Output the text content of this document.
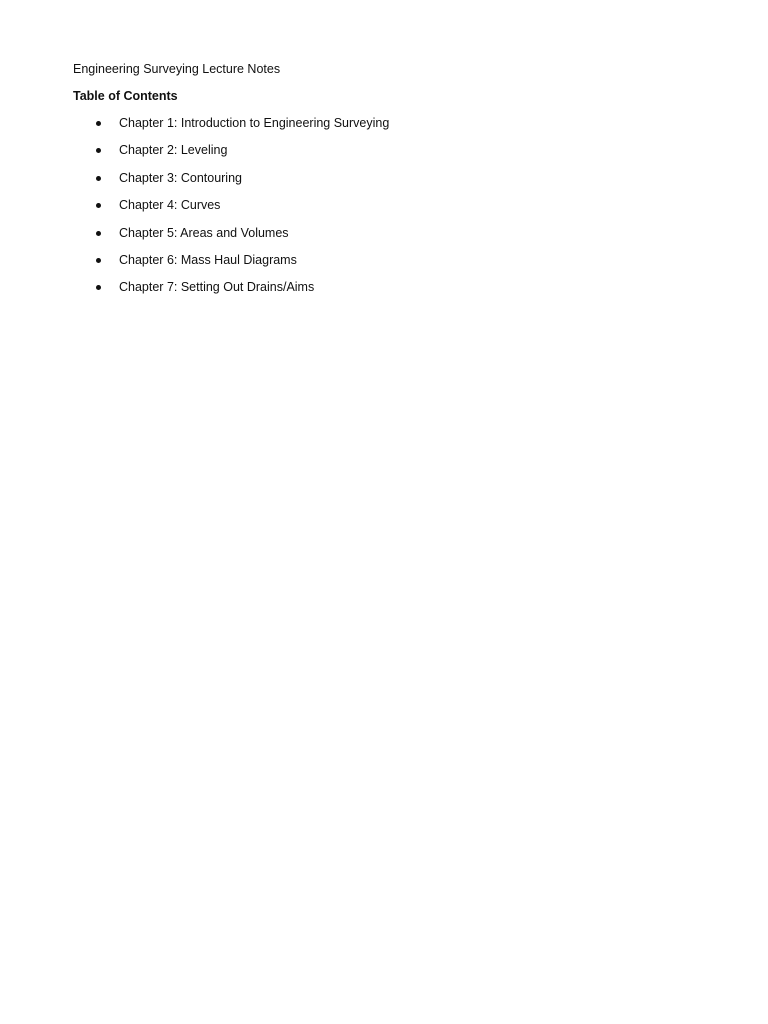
Engineering Surveying Lecture Notes

Table of Contents

Chapter 1: Introduction to Engineering Surveying
Chapter 2: Leveling
Chapter 3: Contouring
Chapter 4: Curves
Chapter 5: Areas and Volumes
Chapter 6: Mass Haul Diagrams
Chapter 7: Setting Out Drains/Aims
